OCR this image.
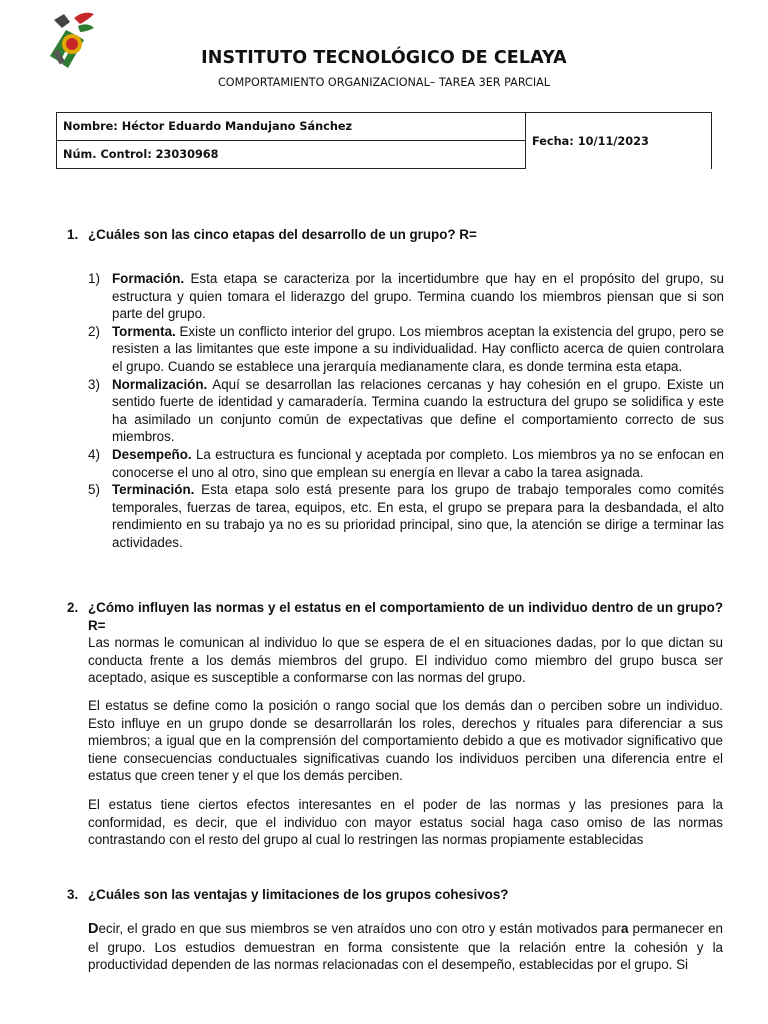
INSTITUTO TECNOLÓGICO DE CELAYA
COMPORTAMIENTO ORGANIZACIONAL– TAREA 3ER PARCIAL
Nombre: Héctor Eduardo Mandujano Sánchez
Núm. Control: 23030968
Fecha: 10/11/2023
1. ¿Cuáles son las cinco etapas del desarrollo de un grupo? R=
1) Formación. Esta etapa se caracteriza por la incertidumbre que hay en el propósito del grupo, su estructura y quien tomara el liderazgo del grupo. Termina cuando los miembros piensan que si son parte del grupo.
2) Tormenta. Existe un conflicto interior del grupo. Los miembros aceptan la existencia del grupo, pero se resisten a las limitantes que este impone a su individualidad. Hay conflicto acerca de quien controlara el grupo. Cuando se establece una jerarquía medianamente clara, es donde termina esta etapa.
3) Normalización. Aquí se desarrollan las relaciones cercanas y hay cohesión en el grupo. Existe un sentido fuerte de identidad y camaradería. Termina cuando la estructura del grupo se solidifica y este ha asimilado un conjunto común de expectativas que define el comportamiento correcto de sus miembros.
4) Desempeño. La estructura es funcional y aceptada por completo. Los miembros ya no se enfocan en conocerse el uno al otro, sino que emplean su energía en llevar a cabo la tarea asignada.
5) Terminación. Esta etapa solo está presente para los grupo de trabajo temporales como comités temporales, fuerzas de tarea, equipos, etc. En esta, el grupo se prepara para la desbandada, el alto rendimiento en su trabajo ya no es su prioridad principal, sino que, la atención se dirige a terminar las actividades.
2. ¿Cómo influyen las normas y el estatus en el comportamiento de un individuo dentro de un grupo? R=
Las normas le comunican al individuo lo que se espera de el en situaciones dadas, por lo que dictan su conducta frente a los demás miembros del grupo. El individuo como miembro del grupo busca ser aceptado, asique es susceptible a conformarse con las normas del grupo.
El estatus se define como la posición o rango social que los demás dan o perciben sobre un individuo. Esto influye en un grupo donde se desarrollarán los roles, derechos y rituales para diferenciar a sus miembros; a igual que en la comprensión del comportamiento debido a que es motivador significativo que tiene consecuencias conductuales significativas cuando los individuos perciben una diferencia entre el estatus que creen tener y el que los demás perciben.
El estatus tiene ciertos efectos interesantes en el poder de las normas y las presiones para la conformidad, es decir, que el individuo con mayor estatus social haga caso omiso de las normas contrastando con el resto del grupo al cual lo restringen las normas propiamente establecidas
3. ¿Cuáles son las ventajas y limitaciones de los grupos cohesivos?
Decir, el grado en que sus miembros se ven atraídos uno con otro y están motivados para permanecer en el grupo. Los estudios demuestran en forma consistente que la relación entre la cohesión y la productividad dependen de las normas relacionadas con el desempeño, establecidas por el grupo. Si
